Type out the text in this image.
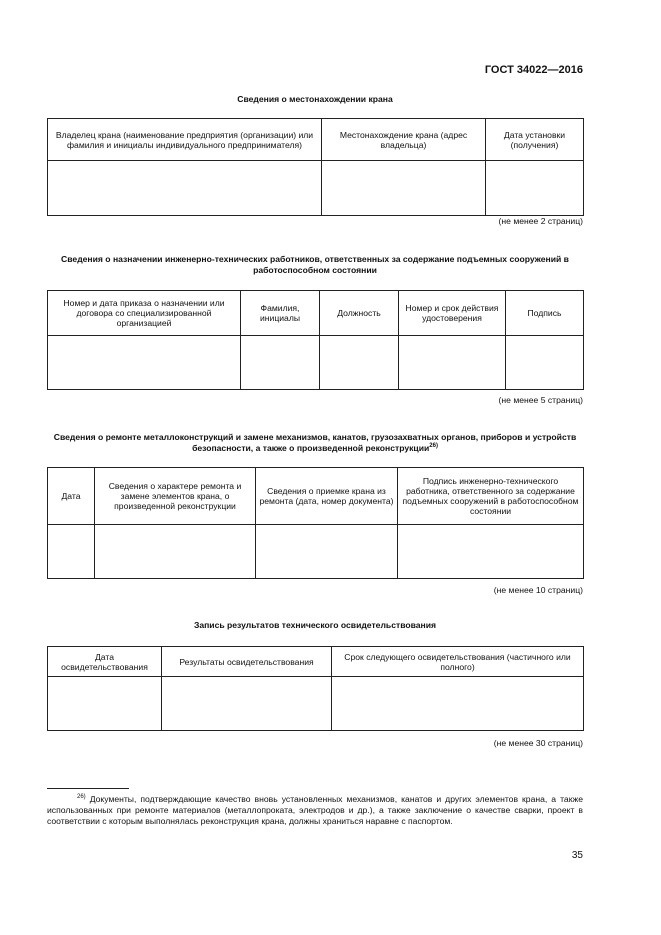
ГОСТ 34022—2016
Сведения о местонахождении крана
Владелец крана (наименование предприятия (организации) или фамилия и инициалы индивидуального предпринимателя)	Местонахождение крана (адрес владельца)	Дата установки (получения)

(не менее 2 страниц)
Сведения о назначении инженерно-технических работников, ответственных за содержание подъемных сооружений в работоспособном состоянии
Номер и дата приказа о назначении или договора со специализированной организацией	Фамилия, инициалы	Должность	Номер и срок действия удостоверения	Подпись

(не менее 5 страниц)
Сведения о ремонте металлоконструкций и замене механизмов, канатов, грузозахватных органов, приборов и устройств безопасности, а также о произведенной реконструкции$^{26)}$
Дата	Сведения о характере ремонта и замене элементов крана, о произведенной реконструкции	Сведения о приемке крана из ремонта (дата, номер документа)	Подпись инженерно-технического работника, ответственного за содержание подъемных сооружений в работоспособном состоянии

(не менее 10 страниц)
Запись результатов технического освидетельствования
Дата освидетельствования	Результаты освидетельствования	Срок следующего освидетельствования (частичного или полного)

(не менее 30 страниц)
$^{26)}$ Документы, подтверждающие качество вновь установленных механизмов, канатов и других элементов крана, а также использованных при ремонте материалов (металлопроката, электродов и др.), а также заключение о качестве сварки, проект в соответствии с которым выполнялась реконструкция крана, должны храниться наравне с паспортом.
35
